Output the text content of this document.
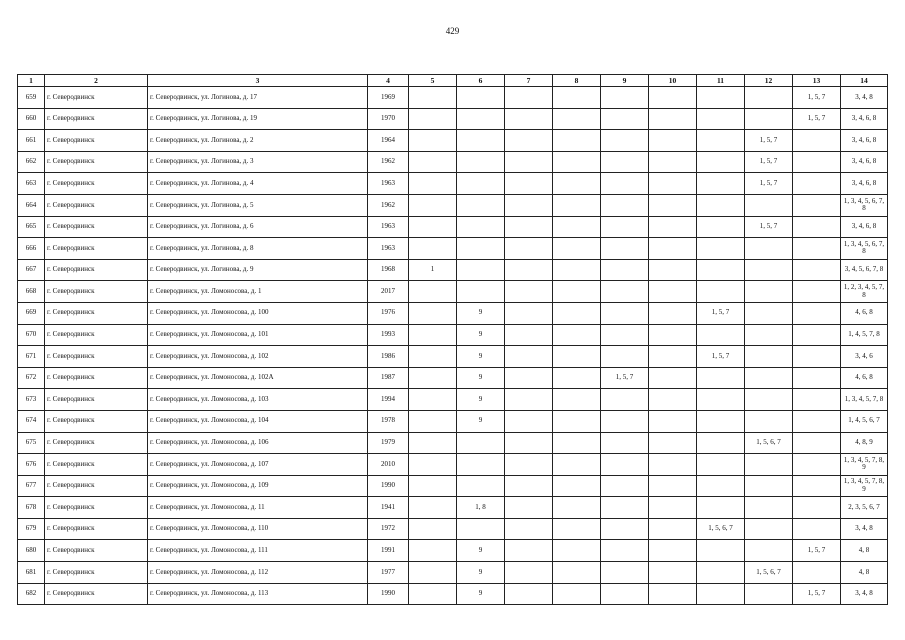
429
1	2	3	4	5	6	7	8	9	10	11	12	13	14
659	г. Северодвинск	г. Северодвинск, ул. Логинова, д. 17	1969									1, 5, 7	3, 4, 8
660	г. Северодвинск	г. Северодвинск, ул. Логинова, д. 19	1970									1, 5, 7	3, 4, 6, 8
661	г. Северодвинск	г. Северодвинск, ул. Логинова, д. 2	1964								1, 5, 7		3, 4, 6, 8
662	г. Северодвинск	г. Северодвинск, ул. Логинова, д. 3	1962								1, 5, 7		3, 4, 6, 8
663	г. Северодвинск	г. Северодвинск, ул. Логинова, д. 4	1963								1, 5, 7		3, 4, 6, 8
664	г. Северодвинск	г. Северодвинск, ул. Логинова, д. 5	1962										1, 3, 4, 5, 6, 7, 8
665	г. Северодвинск	г. Северодвинск, ул. Логинова, д. 6	1963								1, 5, 7		3, 4, 6, 8
666	г. Северодвинск	г. Северодвинск, ул. Логинова, д. 8	1963										1, 3, 4, 5, 6, 7, 8
667	г. Северодвинск	г. Северодвинск, ул. Логинова, д. 9	1968	1									3, 4, 5, 6, 7, 8
668	г. Северодвинск	г. Северодвинск, ул. Ломоносова, д. 1	2017										1, 2, 3, 4, 5, 7, 8
669	г. Северодвинск	г. Северодвинск, ул. Ломоносова, д. 100	1976		9					1, 5, 7			4, 6, 8
670	г. Северодвинск	г. Северодвинск, ул. Ломоносова, д. 101	1993		9								1, 4, 5, 7, 8
671	г. Северодвинск	г. Северодвинск, ул. Ломоносова, д. 102	1986		9					1, 5, 7			3, 4, 6
672	г. Северодвинск	г. Северодвинск, ул. Ломоносова, д. 102А	1987		9			1, 5, 7					4, 6, 8
673	г. Северодвинск	г. Северодвинск, ул. Ломоносова, д. 103	1994		9								1, 3, 4, 5, 7, 8
674	г. Северодвинск	г. Северодвинск, ул. Ломоносова, д. 104	1978		9								1, 4, 5, 6, 7
675	г. Северодвинск	г. Северодвинск, ул. Ломоносова, д. 106	1979								1, 5, 6, 7		4, 8, 9
676	г. Северодвинск	г. Северодвинск, ул. Ломоносова, д. 107	2010										1, 3, 4, 5, 7, 8, 9
677	г. Северодвинск	г. Северодвинск, ул. Ломоносова, д. 109	1990										1, 3, 4, 5, 7, 8, 9
678	г. Северодвинск	г. Северодвинск, ул. Ломоносова, д. 11	1941		1, 8								2, 3, 5, 6, 7
679	г. Северодвинск	г. Северодвинск, ул. Ломоносова, д. 110	1972							1, 5, 6, 7			3, 4, 8
680	г. Северодвинск	г. Северодвинск, ул. Ломоносова, д. 111	1991		9							1, 5, 7	4, 8
681	г. Северодвинск	г. Северодвинск, ул. Ломоносова, д. 112	1977		9						1, 5, 6, 7		4, 8
682	г. Северодвинск	г. Северодвинск, ул. Ломоносова, д. 113	1990		9							1, 5, 7	3, 4, 8
